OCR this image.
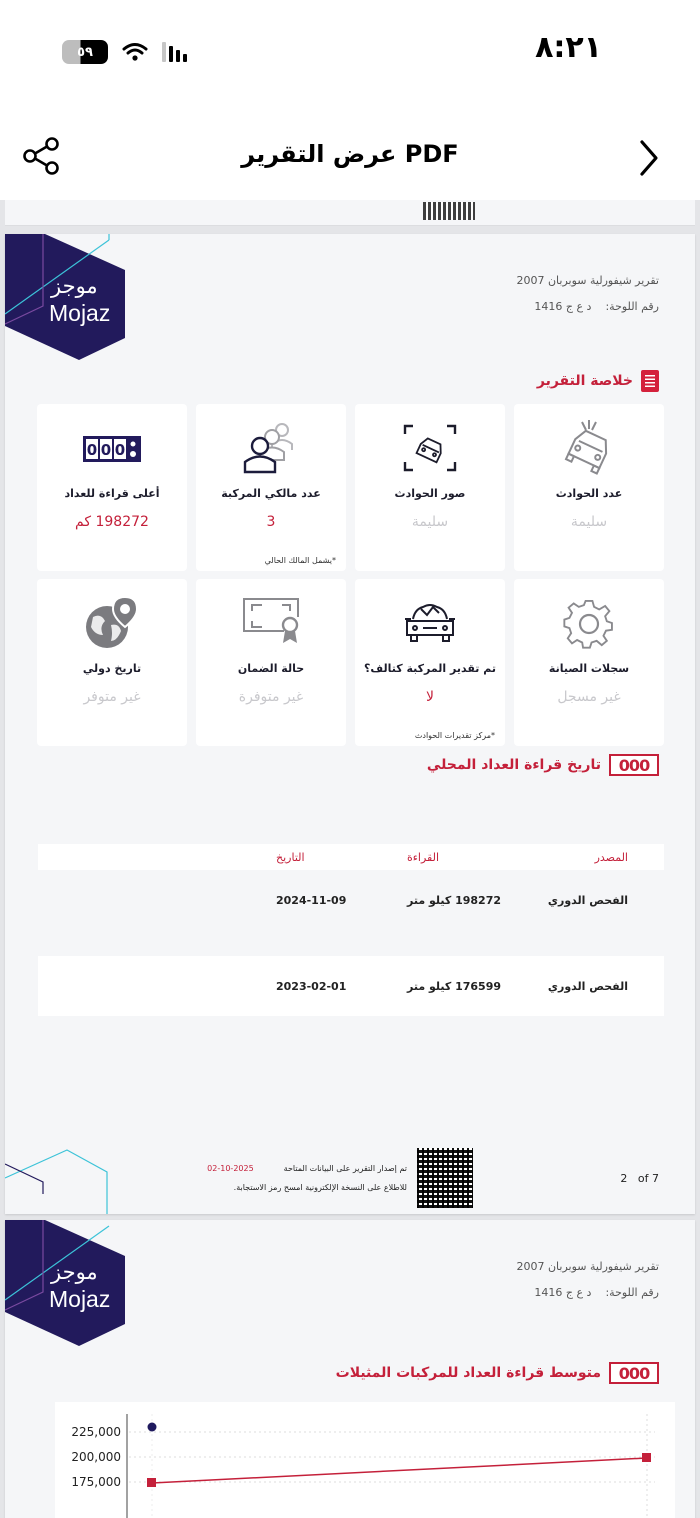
٥٩	٨:٢١
عرض التقرير PDF
موجز
Mojaz
تقرير شيفورلية سوبربان 2007
رقم اللوحة:د ع ج 1416
خلاصة التقرير
عدد الحوادث
سليمة
صور الحوادث
سليمة
عدد مالكي المركبة
3
*يشمل المالك الحالي
0 0 0
أعلى قراءة للعداد
198272 كم
سجلات الصيانة
غير مسجل
تم تقدير المركبة كتالف؟
لا
*مركز تقديرات الحوادث
حالة الضمان
غير متوفرة
تاريخ دولي
غير متوفر
000
تاريخ قراءة العداد المحلي
المصدر
القراءة
التاريخ
الفحص الدوري
198272 كيلو متر
2024-11-09
الفحص الدوري
176599 كيلو متر
2023-02-01
تم إصدار التقرير على البيانات المتاحة2025-10-02
للاطلاع على النسخة الإلكترونية امسح رمز الاستجابة.
2 of 7
موجز
Mojaz
تقرير شيفورلية سوبربان 2007
رقم اللوحة:د ع ج 1416
000
متوسط قراءة العداد للمركبات المثيلات
225,000
200,000
175,000
